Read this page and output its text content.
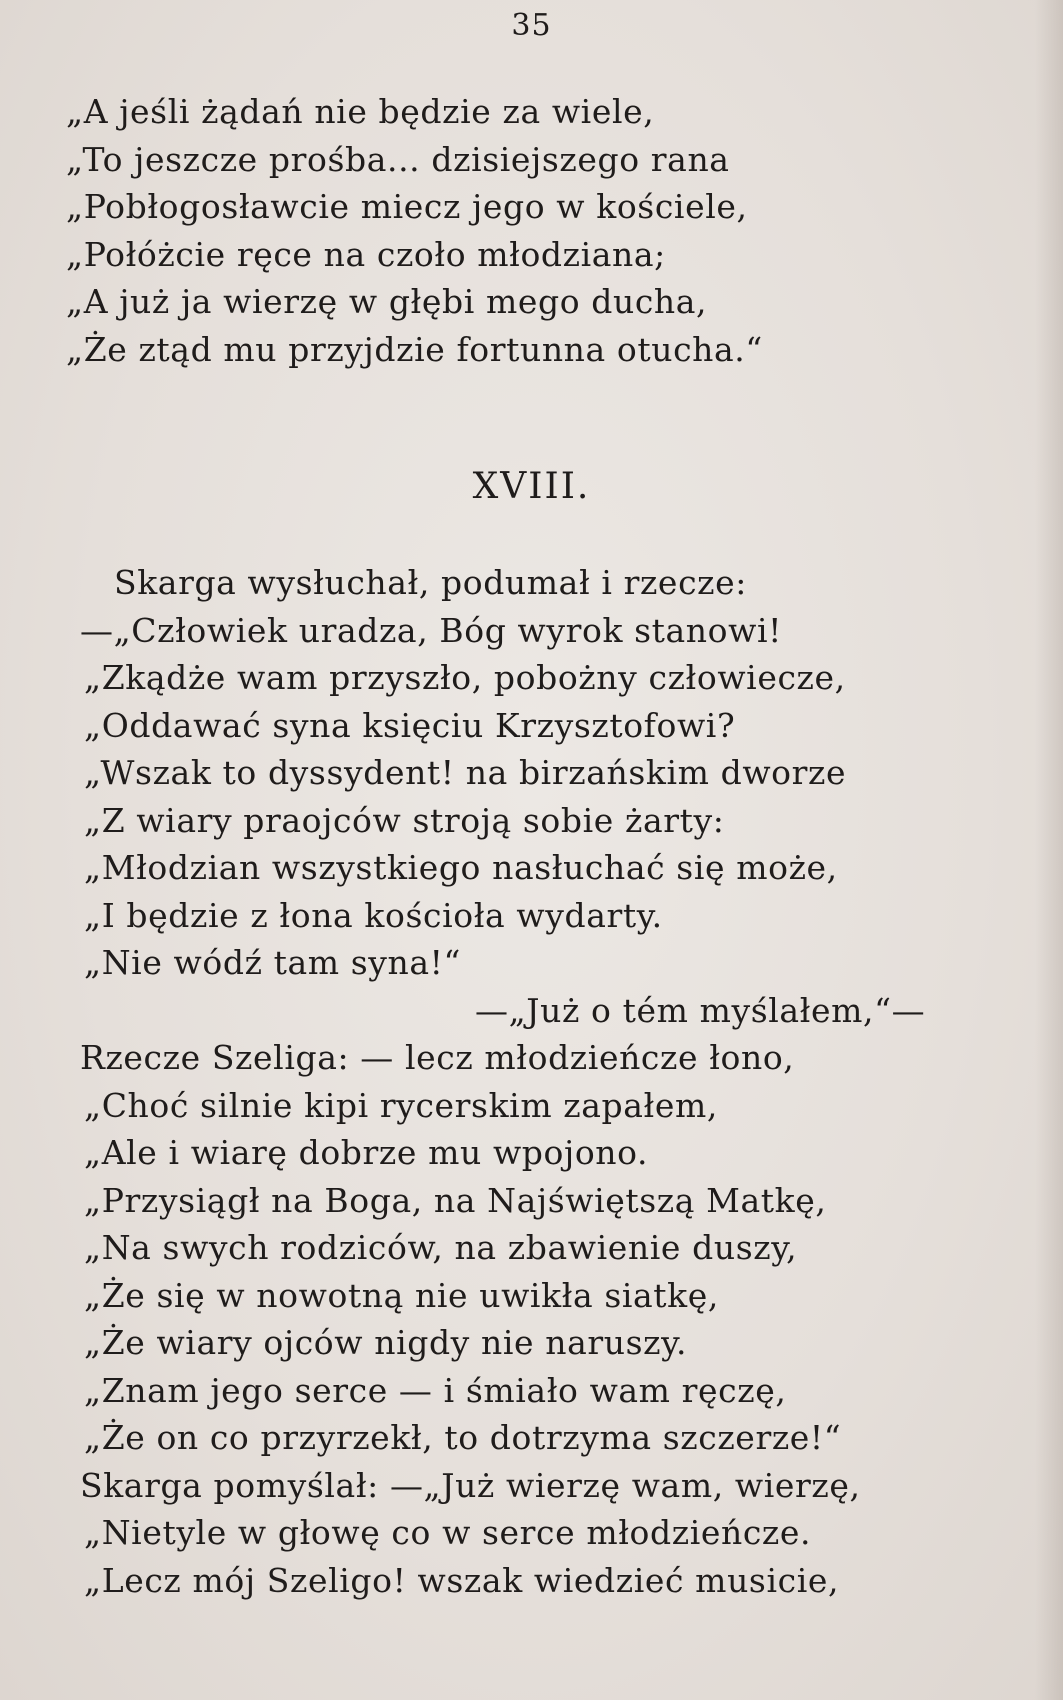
35
„A jeśli żądań nie będzie za wiele,
„To jeszcze prośba... dzisiejszego rana
„Pobłogosławcie miecz jego w kościele,
„Połóżcie ręce na czoło młodziana;
„A już ja wierzę w głębi mego ducha,
„Że ztąd mu przyjdzie fortunna otucha.“
XVIII.
Skarga wysłuchał, podumał i rzecze:
—„Człowiek uradza, Bóg wyrok stanowi!
„Zkądże wam przyszło, pobożny człowiecze,
„Oddawać syna księciu Krzysztofowi?
„Wszak to dyssydent! na birzańskim dworze
„Z wiary praojców stroją sobie żarty:
„Młodzian wszystkiego nasłuchać się może,
„I będzie z łona kościoła wydarty.
„Nie wódź tam syna!“
—„Już o tém myślałem,“—
Rzecze Szeliga: — lecz młodzieńcze łono,
„Choć silnie kipi rycerskim zapałem,
„Ale i wiarę dobrze mu wpojono.
„Przysiągł na Boga, na Najświętszą Matkę,
„Na swych rodziców, na zbawienie duszy,
„Że się w nowotną nie uwikła siatkę,
„Że wiary ojców nigdy nie naruszy.
„Znam jego serce — i śmiało wam ręczę,
„Że on co przyrzekł, to dotrzyma szczerze!“
Skarga pomyślał: —„Już wierzę wam, wierzę,
„Nietyle w głowę co w serce młodzieńcze.
„Lecz mój Szeligo! wszak wiedzieć musicie,
